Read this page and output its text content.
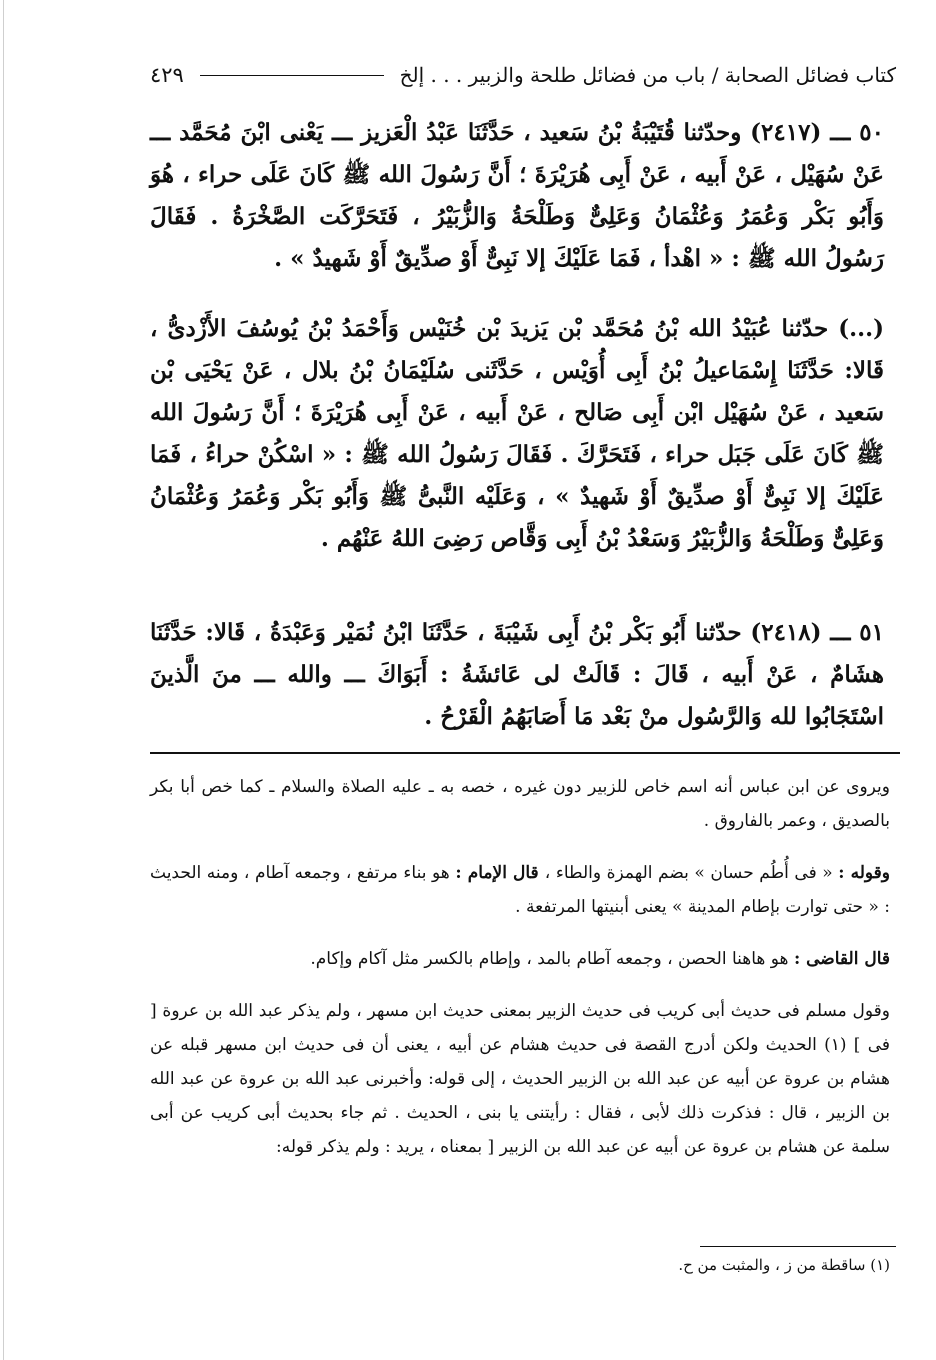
كتاب فضائل الصحابة / باب من فضائل طلحة والزبير . . . إلخ
٤٢٩

٥٠ ـــ (٢٤١٧) وحدّثنا قُتَيْبَةُ بْنُ سَعيد ، حَدَّثَنَا عَبْدُ الْعَزيز ـــ يَعْنى ابْنَ مُحَمَّد ـــ عَنْ سُهَيْل ، عَنْ أَبيه ، عَنْ أَبِى هُرَيْرَةَ ؛ أَنَّ رَسُولَ الله ﷺ كَانَ عَلَى حراء ، هُوَ وَأَبُو بَكْر وَعُمَرُ وَعُثْمَانُ وَعَلِىٌّ وَطَلْحَةُ وَالزُّبَيْرُ ، فَتَحَرَّكَت الصَّخْرَةُ . فَقَالَ رَسُولُ الله ﷺ : « اهْدأ ، فَمَا عَلَيْكَ إلا نَبِىٌّ أَوْ صدِّيقٌ أَوْ شَهيدٌ » .

(...) حدّثنا عُبَيْدُ الله بْنُ مُحَمَّد بْن يَزيدَ بْن خُنَيْس وَأَحْمَدُ بْنُ يُوسُفَ الأَزْدىُّ ، قَالا: حَدَّثَنَا إِسْمَاعيلُ بْنُ أَبِى أُوَيْس ، حَدَّثَنى سُلَيْمَانُ بْنُ بلال ، عَنْ يَحْيَى بْن سَعيد ، عَنْ سُهَيْل ابْن أَبِى صَالح ، عَنْ أَبيه ، عَنْ أَبِى هُرَيْرَةَ ؛ أَنَّ رَسُولَ الله ﷺ كَانَ عَلَى جَبَل حراء ، فَتَحَرَّكَ . فَقَالَ رَسُولُ الله ﷺ : « اسْكُنْ حراءُ ، فَمَا عَلَيْكَ إلا نَبِىٌّ أَوْ صدِّيقٌ أَوْ شَهيدٌ » ، وَعَلَيْه النَّبىُّ ﷺ وَأَبُو بَكْر وَعُمَرُ وَعُثْمَانُ وَعَلِىٌّ وَطَلْحَةُ وَالزُّبَيْرُ وَسَعْدُ بْنُ أَبِى وَقَّاص رَضِىَ اللهُ عَنْهُم .

٥١ ـــ (٢٤١٨) حدّثنا أَبُو بَكْر بْنُ أَبِى شَيْبَةَ ، حَدَّثَنَا ابْنُ نُمَيْر وَعَبْدَةُ ، قَالا: حَدَّثَنَا هشَامٌ ، عَنْ أَبيه ، قَالَ : قَالَتْ لى عَائشَةُ : أَبَوَاكَ ـــ والله ـــ منَ الَّذينَ اسْتَجَابُوا لله وَالرَّسُول منْ بَعْد مَا أَصَابَهُمُ الْقَرْحُ .

ويروى عن ابن عباس أنه اسم خاص للزبير دون غيره ، خصه به ـ عليه الصلاة والسلام ـ كما خص أبا بكر بالصديق ، وعمر بالفاروق .

وقوله : « فى أُطُم حسان » بضم الهمزة والطاء ، قال الإمام : هو بناء مرتفع ، وجمعه آطام ، ومنه الحديث : « حتى توارت بإطام المدينة » يعنى أبنيتها المرتفعة .

قال القاضى : هو هاهنا الحصن ، وجمعه آطام بالمد ، وإطام بالكسر مثل آكام وإكام.

وقول مسلم فى حديث أبى كريب فى حديث الزبير بمعنى حديث ابن مسهر ، ولم يذكر عبد الله بن عروة [ فى ] (١) الحديث ولكن أدرج القصة فى حديث هشام عن أبيه ، يعنى أن فى حديث ابن مسهر قبله عن هشام بن عروة عن أبيه عن عبد الله بن الزبير الحديث ، إلى قوله: وأخبرنى عبد الله بن عروة عن عبد الله بن الزبير ، قال : فذكرت ذلك لأبى ، فقال : رأيتنى يا بنى ، الحديث . ثم جاء بحديث أبى كريب عن أبى سلمة عن هشام بن عروة عن أبيه عن عبد الله بن الزبير [ بمعناه ، يريد : ولم يذكر قوله:

(١) ساقطة من ز ، والمثبت من ح.
